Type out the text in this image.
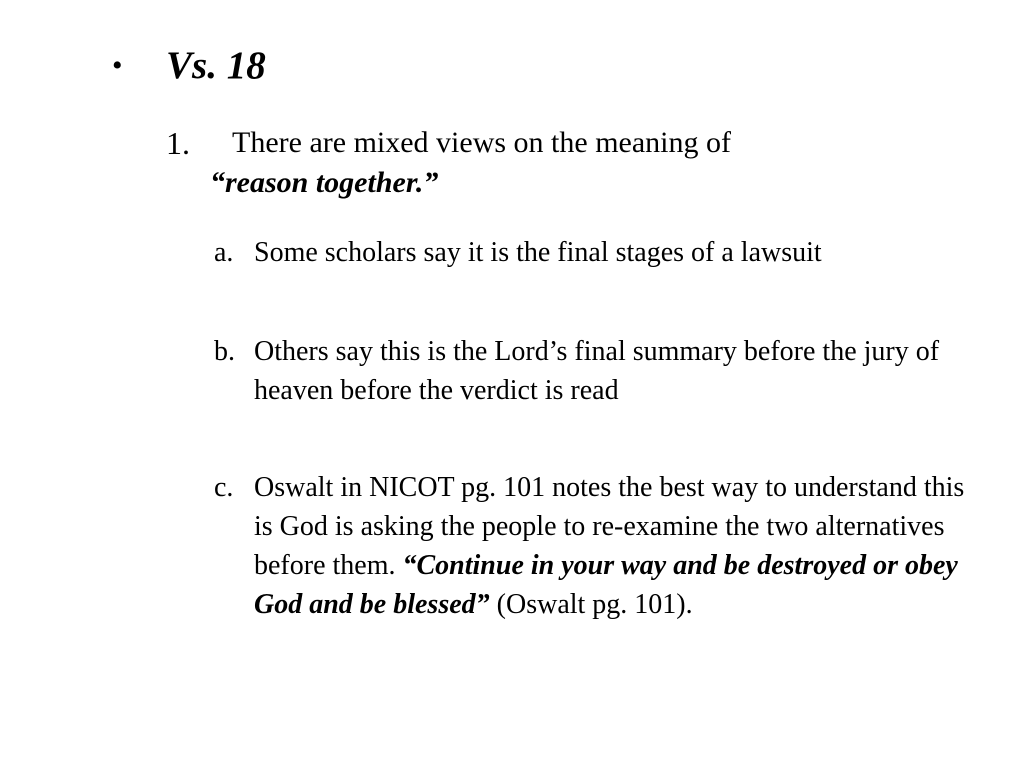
•	Vs. 18
1.	There are mixed views on the meaning of
“reason together.”
a. Some scholars say it is the final stages of a lawsuit
b. Others say this is the Lord’s final summary before the jury of heaven before the verdict is read
c. Oswalt in NICOT pg. 101 notes the best way to understand this is God is asking the people to re-examine the two alternatives before them. “Continue in your way and be destroyed or obey God and be blessed” (Oswalt pg. 101).
